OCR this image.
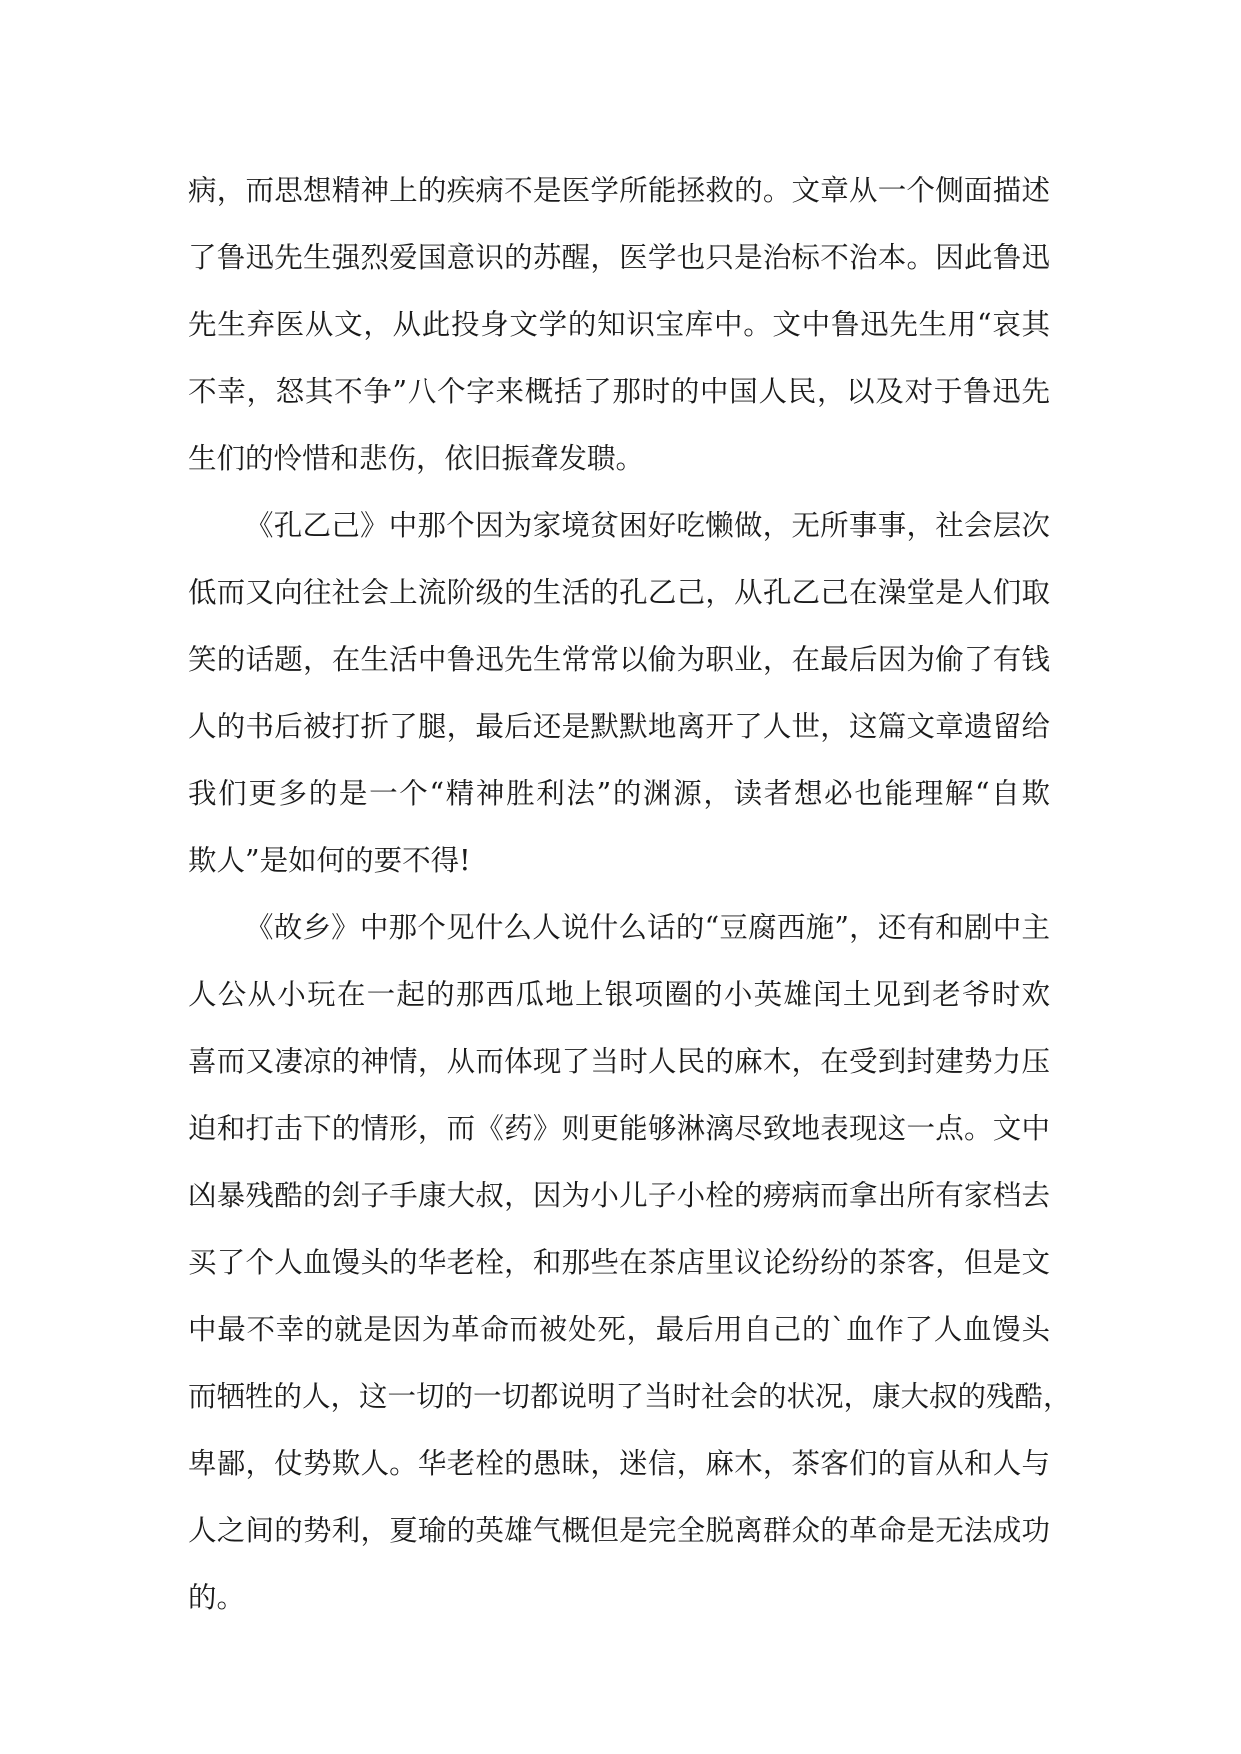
病，而思想精神上的疾病不是医学所能拯救的。文章从一个侧面描述
了鲁迅先生强烈爱国意识的苏醒，医学也只是治标不治本。因此鲁迅
先生弃医从文，从此投身文学的知识宝库中。文中鲁迅先生用“哀其
不幸，怒其不争”八个字来概括了那时的中国人民，以及对于鲁迅先
生们的怜惜和悲伤，依旧振聋发聩。
《孔乙己》中那个因为家境贫困好吃懒做，无所事事，社会层次
低而又向往社会上流阶级的生活的孔乙己，从孔乙己在澡堂是人们取
笑的话题，在生活中鲁迅先生常常以偷为职业，在最后因为偷了有钱
人的书后被打折了腿，最后还是默默地离开了人世，这篇文章遗留给
我们更多的是一个“精神胜利法”的渊源，读者想必也能理解“自欺
欺人”是如何的要不得!
《故乡》中那个见什么人说什么话的“豆腐西施”，还有和剧中主
人公从小玩在一起的那西瓜地上银项圈的小英雄闰土见到老爷时欢
喜而又凄凉的神情，从而体现了当时人民的麻木，在受到封建势力压
迫和打击下的情形，而《药》则更能够淋漓尽致地表现这一点。文中
凶暴残酷的刽子手康大叔，因为小儿子小栓的痨病而拿出所有家档去
买了个人血馒头的华老栓，和那些在茶店里议论纷纷的茶客，但是文
中最不幸的就是因为革命而被处死，最后用自己的`血作了人血馒头
而牺牲的人，这一切的一切都说明了当时社会的状况，康大叔的残酷，
卑鄙，仗势欺人。华老栓的愚昧，迷信，麻木，茶客们的盲从和人与
人之间的势利，夏瑜的英雄气概但是完全脱离群众的革命是无法成功
的。
